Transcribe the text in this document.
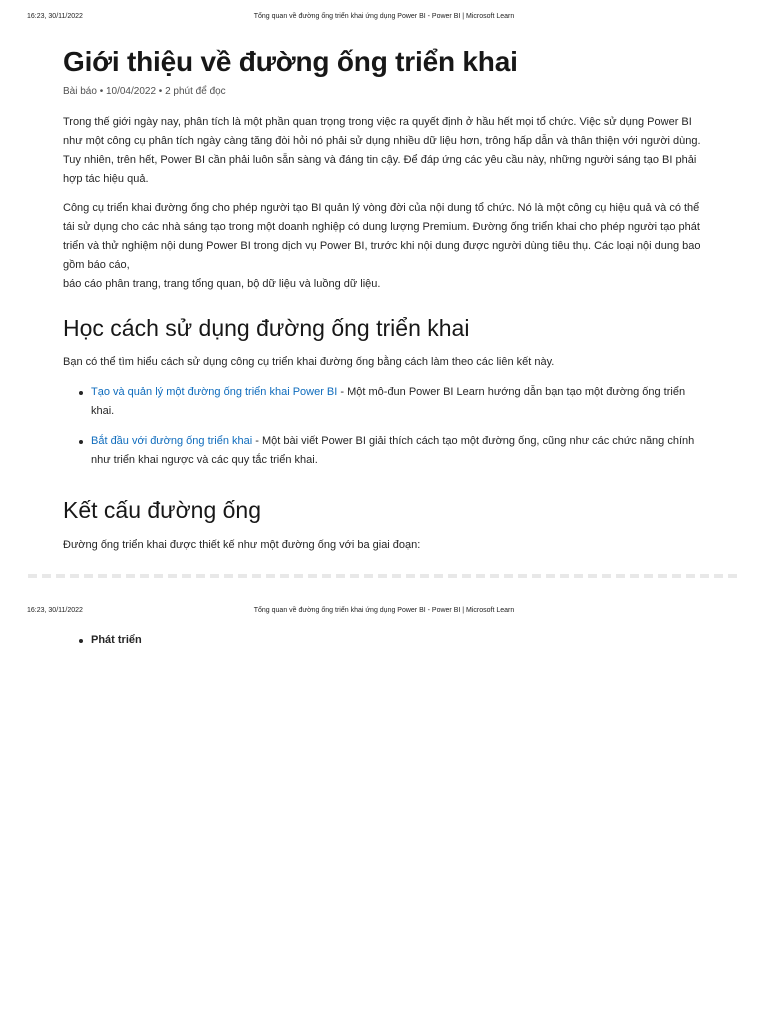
16:23, 30/11/2022	Tổng quan về đường ống triển khai ứng dụng Power BI - Power BI | Microsoft Learn
Giới thiệu về đường ống triển khai
Bài báo • 10/04/2022 • 2 phút để đọc

Trong thế giới ngày nay, phân tích là một phần quan trọng trong việc ra quyết định ở hầu hết mọi tổ chức. Việc sử dụng Power BI như một công cụ phân tích ngày càng tăng đòi hỏi nó phải sử dụng nhiều dữ liệu hơn, trông hấp dẫn và thân thiện với người dùng. Tuy nhiên, trên hết, Power BI cần phải luôn sẵn sàng và đáng tin cậy. Để đáp ứng các yêu cầu này, những người sáng tạo BI phải hợp tác hiệu quả.

Công cụ triển khai đường ống cho phép người tạo BI quản lý vòng đời của nội dung tổ chức. Nó là một công cụ hiệu quả và có thể tái sử dụng cho các nhà sáng tạo trong một doanh nghiệp có dung lượng Premium. Đường ống triển khai cho phép người tạo phát triển và thử nghiệm nội dung Power BI trong dịch vụ Power BI, trước khi nội dung được người dùng tiêu thụ. Các loại nội dung bao gồm báo cáo,
báo cáo phân trang, trang tổng quan, bộ dữ liệu và luồng dữ liệu.

Học cách sử dụng đường ống triển khai

Bạn có thể tìm hiểu cách sử dụng công cụ triển khai đường ống bằng cách làm theo các liên kết này.

Tạo và quản lý một đường ống triển khai Power BI - Một mô-đun Power BI Learn hướng dẫn bạn tạo một đường ống triển khai.
Bắt đầu với đường ống triển khai - Một bài viết Power BI giải thích cách tạo một đường ống, cũng như các chức năng chính như triển khai ngược và các quy tắc triển khai.
Kết cấu đường ống

Đường ống triển khai được thiết kế như một đường ống với ba giai đoạn:

16:23, 30/11/2022	Tổng quan về đường ống triển khai ứng dụng Power BI - Power BI | Microsoft Learn
Phát triển
